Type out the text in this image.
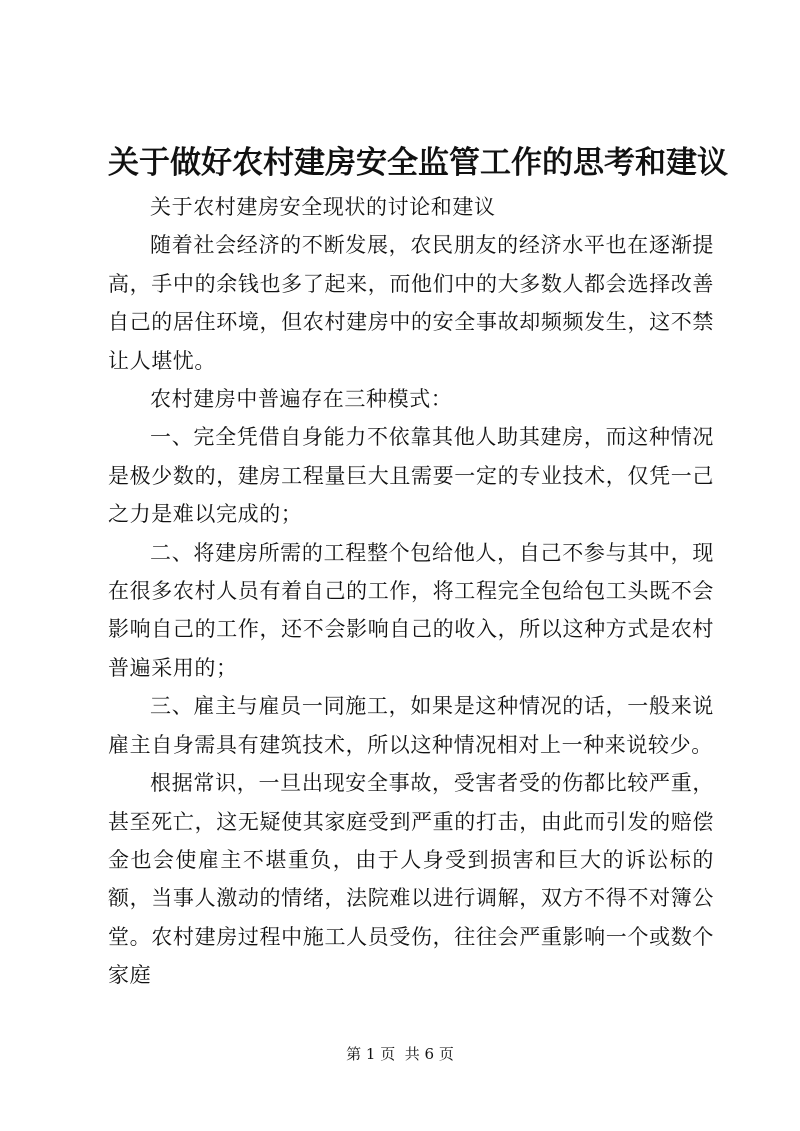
关于做好农村建房安全监管工作的思考和建议

关于农村建房安全现状的讨论和建议

随着社会经济的不断发展，农民朋友的经济水平也在逐渐提高，手中的余钱也多了起来，而他们中的大多数人都会选择改善自己的居住环境，但农村建房中的安全事故却频频发生，这不禁让人堪忧。

农村建房中普遍存在三种模式：

一、完全凭借自身能力不依靠其他人助其建房，而这种情况是极少数的，建房工程量巨大且需要一定的专业技术，仅凭一己之力是难以完成的；

二、将建房所需的工程整个包给他人，自己不参与其中，现在很多农村人员有着自己的工作，将工程完全包给包工头既不会影响自己的工作，还不会影响自己的收入，所以这种方式是农村普遍采用的；

三、雇主与雇员一同施工，如果是这种情况的话，一般来说雇主自身需具有建筑技术，所以这种情况相对上一种来说较少。

根据常识，一旦出现安全事故，受害者受的伤都比较严重，甚至死亡，这无疑使其家庭受到严重的打击，由此而引发的赔偿金也会使雇主不堪重负，由于人身受到损害和巨大的诉讼标的额，当事人激动的情绪，法院难以进行调解，双方不得不对簿公堂。农村建房过程中施工人员受伤，往往会严重影响一个或数个家庭

第 1 页  共 6 页
